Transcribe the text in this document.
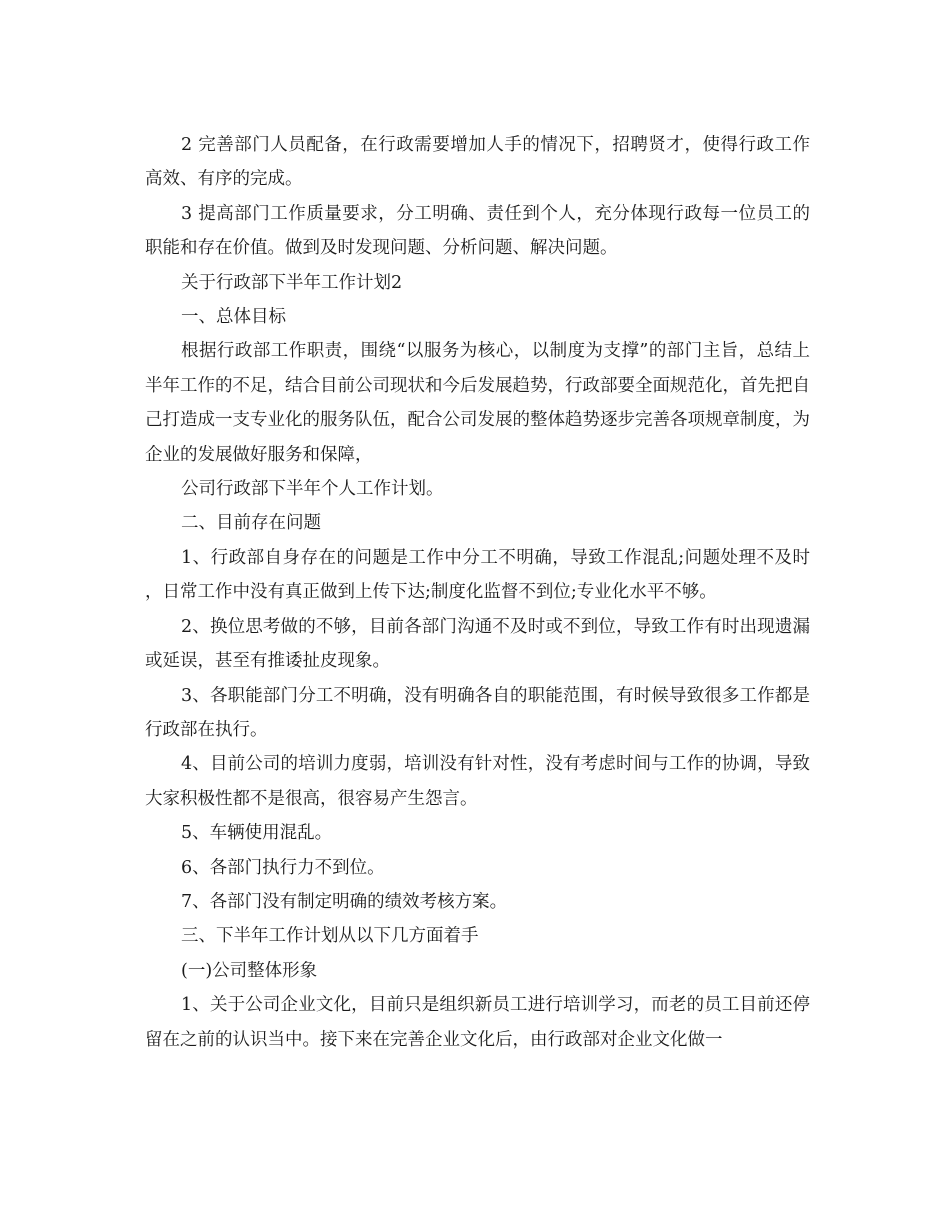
2 完善部门人员配备，在行政需要增加人手的情况下，招聘贤才，使得行政工作高效、有序的完成。

3 提高部门工作质量要求，分工明确、责任到个人，充分体现行政每一位员工的职能和存在价值。做到及时发现问题、分析问题、解决问题。

关于行政部下半年工作计划2

一、总体目标

根据行政部工作职责，围绕“以服务为核心，以制度为支撑”的部门主旨，总结上半年工作的不足，结合目前公司现状和今后发展趋势，行政部要全面规范化，首先把自己打造成一支专业化的服务队伍，配合公司发展的整体趋势逐步完善各项规章制度，为企业的发展做好服务和保障，

公司行政部下半年个人工作计划。

二、目前存在问题

1、行政部自身存在的问题是工作中分工不明确，导致工作混乱;问题处理不及时，日常工作中没有真正做到上传下达;制度化监督不到位;专业化水平不够。

2、换位思考做的不够，目前各部门沟通不及时或不到位，导致工作有时出现遗漏或延误，甚至有推诿扯皮现象。

3、各职能部门分工不明确，没有明确各自的职能范围，有时候导致很多工作都是行政部在执行。

4、目前公司的培训力度弱，培训没有针对性，没有考虑时间与工作的协调，导致大家积极性都不是很高，很容易产生怨言。

5、车辆使用混乱。

6、各部门执行力不到位。

7、各部门没有制定明确的绩效考核方案。

三、下半年工作计划从以下几方面着手

(一)公司整体形象

1、关于公司企业文化，目前只是组织新员工进行培训学习，而老的员工目前还停留在之前的认识当中。接下来在完善企业文化后，由行政部对企业文化做一
